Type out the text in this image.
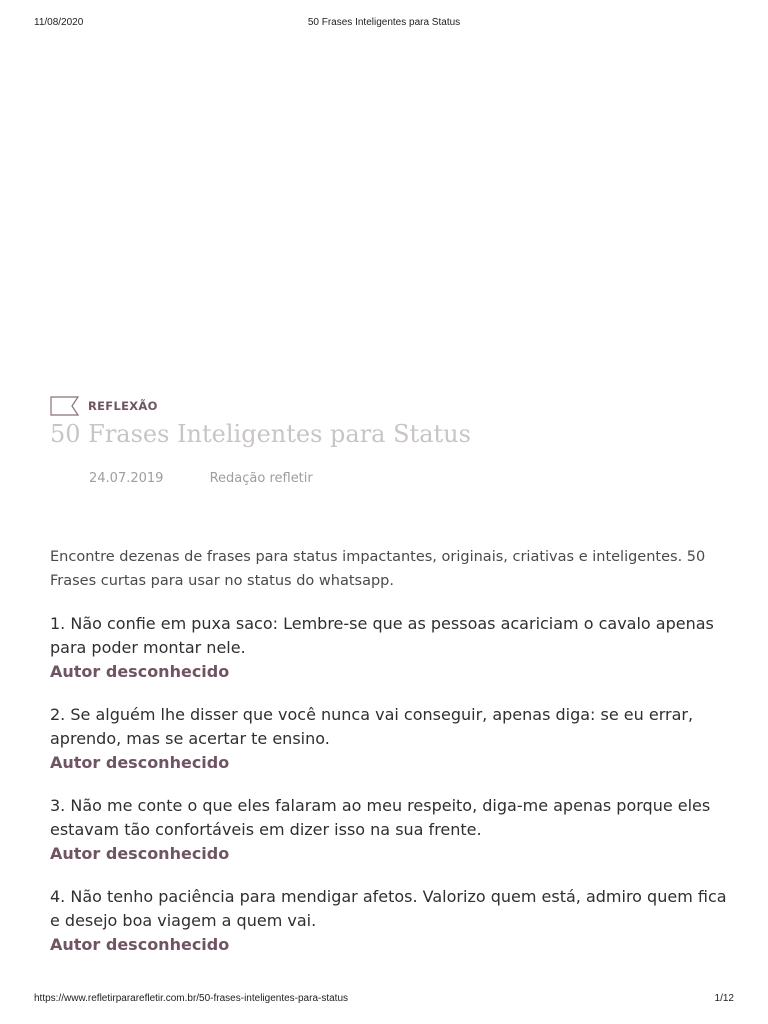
11/08/2020	50 Frases Inteligentes para Status
REFLEXÃO
50 Frases Inteligentes para Status
24.07.2019	Redação refletir

Encontre dezenas de frases para status impactantes, originais, criativas e inteligentes. 50 Frases curtas para usar no status do whatsapp.

1. Não confie em puxa saco: Lembre-se que as pessoas acariciam o cavalo apenas para poder montar nele.

Autor desconhecido

2. Se alguém lhe disser que você nunca vai conseguir, apenas diga: se eu errar, aprendo, mas se acertar te ensino.

Autor desconhecido

3. Não me conte o que eles falaram ao meu respeito, diga-me apenas porque eles estavam tão confortáveis em dizer isso na sua frente.

Autor desconhecido

4. Não tenho paciência para mendigar afetos. Valorizo quem está, admiro quem fica e desejo boa viagem a quem vai.

Autor desconhecido

https://www.refletirpararefletir.com.br/50-frases-inteligentes-para-status	1/12
